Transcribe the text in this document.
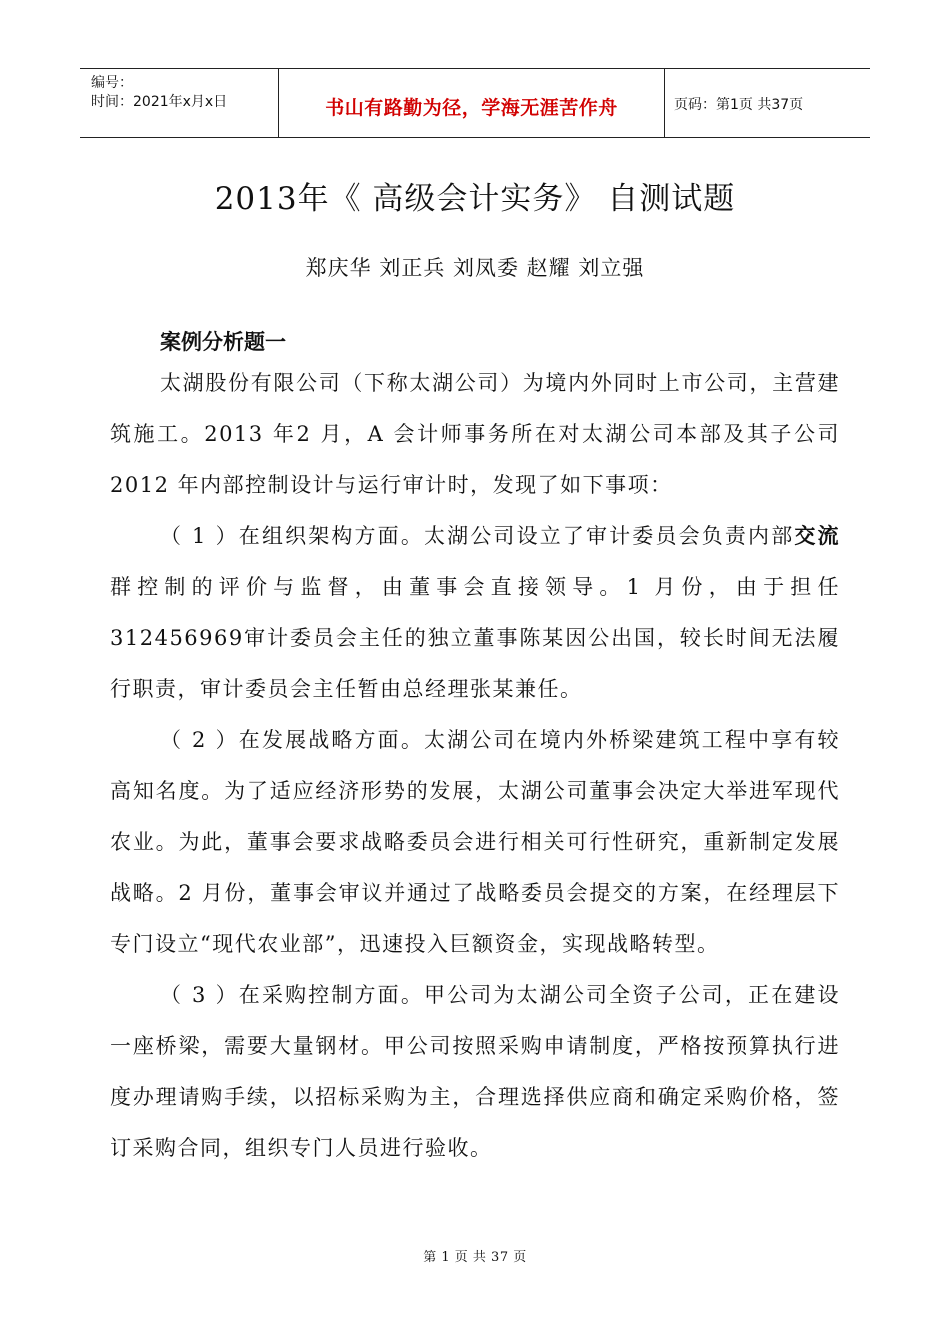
编号：
时间：2021年x月x日	书山有路勤为径，学海无涯苦作舟	页码：第1页 共37页
2013年《 高级会计实务》 自测试题
郑庆华 刘正兵 刘凤委 赵耀 刘立强
案例分析题一

太湖股份有限公司（下称太湖公司）为境内外同时上市公司，主营建筑施工。2013 年2 月，A 会计师事务所在对太湖公司本部及其子公司2012 年内部控制设计与运行审计时，发现了如下事项：

（ 1 ）在组织架构方面。太湖公司设立了审计委员会负责内部交流群控制的评价与监督，由董事会直接领导。1 月份，由于担任312456969审计委员会主任的独立董事陈某因公出国，较长时间无法履行职责，审计委员会主任暂由总经理张某兼任。

（ 2 ）在发展战略方面。太湖公司在境内外桥梁建筑工程中享有较高知名度。为了适应经济形势的发展，太湖公司董事会决定大举进军现代农业。为此，董事会要求战略委员会进行相关可行性研究，重新制定发展战略。2 月份，董事会审议并通过了战略委员会提交的方案，在经理层下专门设立“现代农业部”，迅速投入巨额资金，实现战略转型。

（ 3 ）在采购控制方面。甲公司为太湖公司全资子公司，正在建设一座桥梁，需要大量钢材。甲公司按照采购申请制度，严格按预算执行进度办理请购手续，以招标采购为主，合理选择供应商和确定采购价格，签订采购合同，组织专门人员进行验收。

第 1 页 共 37 页
